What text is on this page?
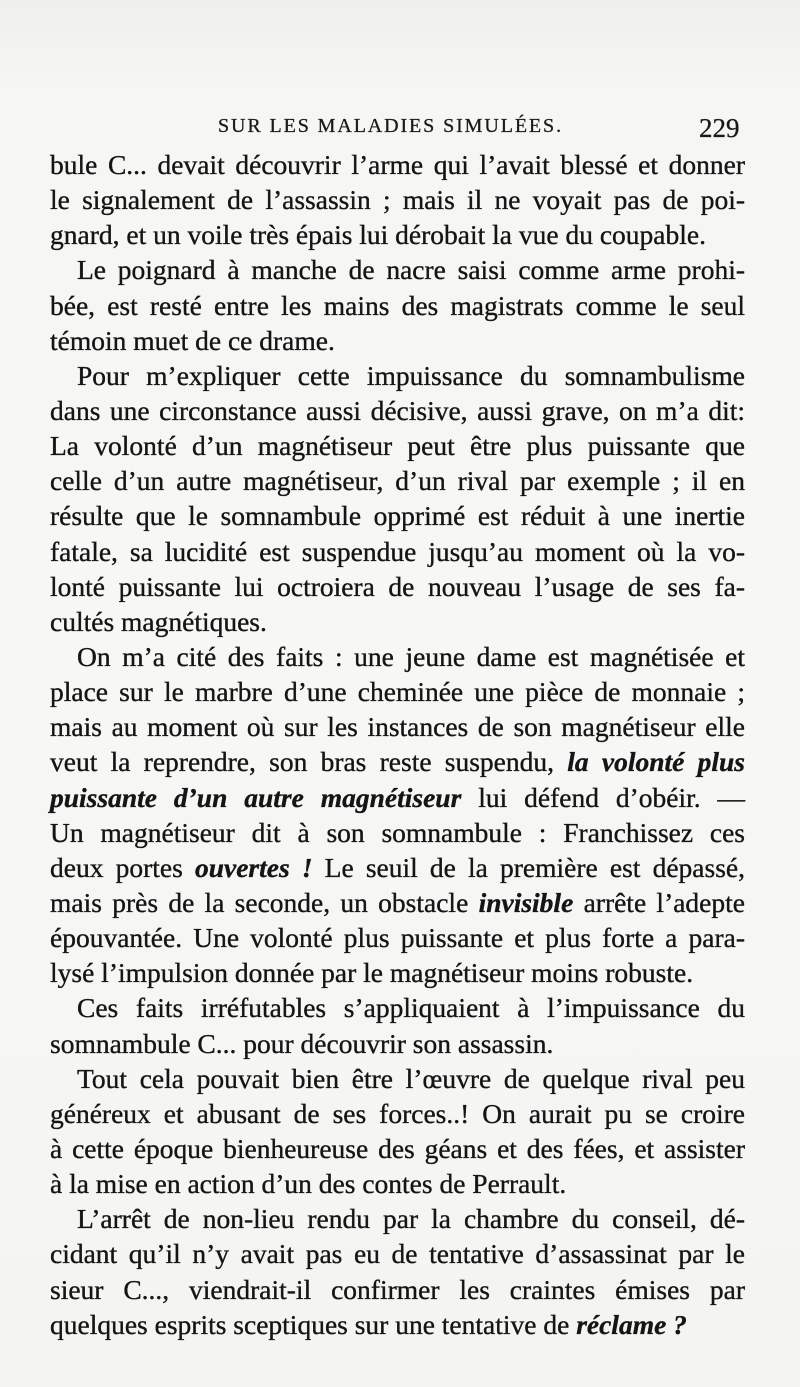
SUR LES MALADIES SIMULÉES.	229
bule C... devait découvrir l’arme qui l’avait blessé et donner
le signalement de l’assassin ; mais il ne voyait pas de poi-
gnard, et un voile très épais lui dérobait la vue du coupable.
Le poignard à manche de nacre saisi comme arme prohi-
bée, est resté entre les mains des magistrats comme le seul
témoin muet de ce drame.
Pour m’expliquer cette impuissance du somnambulisme
dans une circonstance aussi décisive, aussi grave, on m’a dit:
La volonté d’un magnétiseur peut être plus puissante que
celle d’un autre magnétiseur, d’un rival par exemple ; il en
résulte que le somnambule opprimé est réduit à une inertie
fatale, sa lucidité est suspendue jusqu’au moment où la vo-
lonté puissante lui octroiera de nouveau l’usage de ses fa-
cultés magnétiques.
On m’a cité des faits : une jeune dame est magnétisée et
place sur le marbre d’une cheminée une pièce de monnaie ;
mais au moment où sur les instances de son magnétiseur elle
veut la reprendre, son bras reste suspendu, la volonté plus
puissante d’un autre magnétiseur lui défend d’obéir. —
Un magnétiseur dit à son somnambule : Franchissez ces
deux portes ouvertes ! Le seuil de la première est dépassé,
mais près de la seconde, un obstacle invisible arrête l’adepte
épouvantée. Une volonté plus puissante et plus forte a para-
lysé l’impulsion donnée par le magnétiseur moins robuste.
Ces faits irréfutables s’appliquaient à l’impuissance du
somnambule C... pour découvrir son assassin.
Tout cela pouvait bien être l’œuvre de quelque rival peu
généreux et abusant de ses forces..! On aurait pu se croire
à cette époque bienheureuse des géans et des fées, et assister
à la mise en action d’un des contes de Perrault.
L’arrêt de non-lieu rendu par la chambre du conseil, dé-
cidant qu’il n’y avait pas eu de tentative d’assassinat par le
sieur C..., viendrait-il confirmer les craintes émises par
quelques esprits sceptiques sur une tentative de réclame ?
